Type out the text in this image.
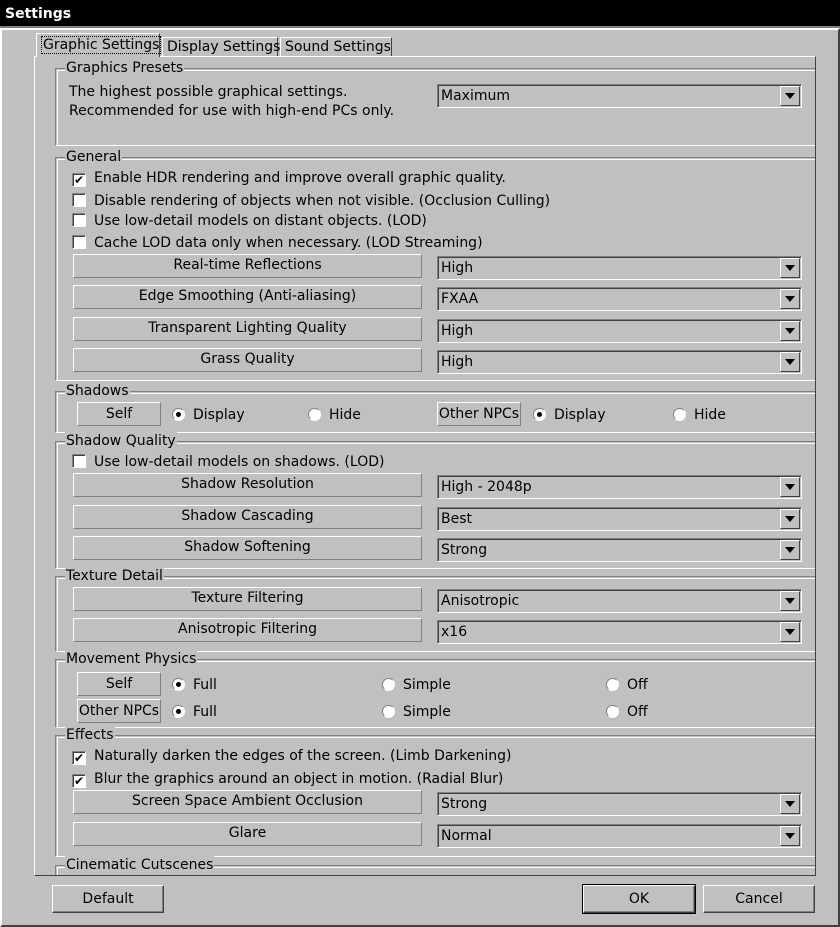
Settings
Graphic Settings Display Settings Sound Settings
Graphics Presets
The highest possible graphical settings.
Recommended for use with high-end PCs only.
Maximum
General
✔ Enable HDR rendering and improve overall graphic quality.
Disable rendering of objects when not visible. (Occlusion Culling)
Use low-detail models on distant objects. (LOD)
Cache LOD data only when necessary. (LOD Streaming)
Real-time Reflections	High
Edge Smoothing (Anti-aliasing)	FXAA
Transparent Lighting Quality	High
Grass Quality	High
Shadows
Self	Display	Hide	Other NPCs	Display	Hide
Shadow Quality
Use low-detail models on shadows. (LOD)
Shadow Resolution	High - 2048p
Shadow Cascading	Best
Shadow Softening	Strong
Texture Detail
Texture Filtering	Anisotropic
Anisotropic Filtering	x16
Movement Physics
Self	Full	Simple	Off
Other NPCs	Full	Simple	Off
Effects
✔ Naturally darken the edges of the screen. (Limb Darkening)
✔ Blur the graphics around an object in motion. (Radial Blur)
Screen Space Ambient Occlusion	Strong
Glare	Normal
Cinematic Cutscenes
Default	OK	Cancel
